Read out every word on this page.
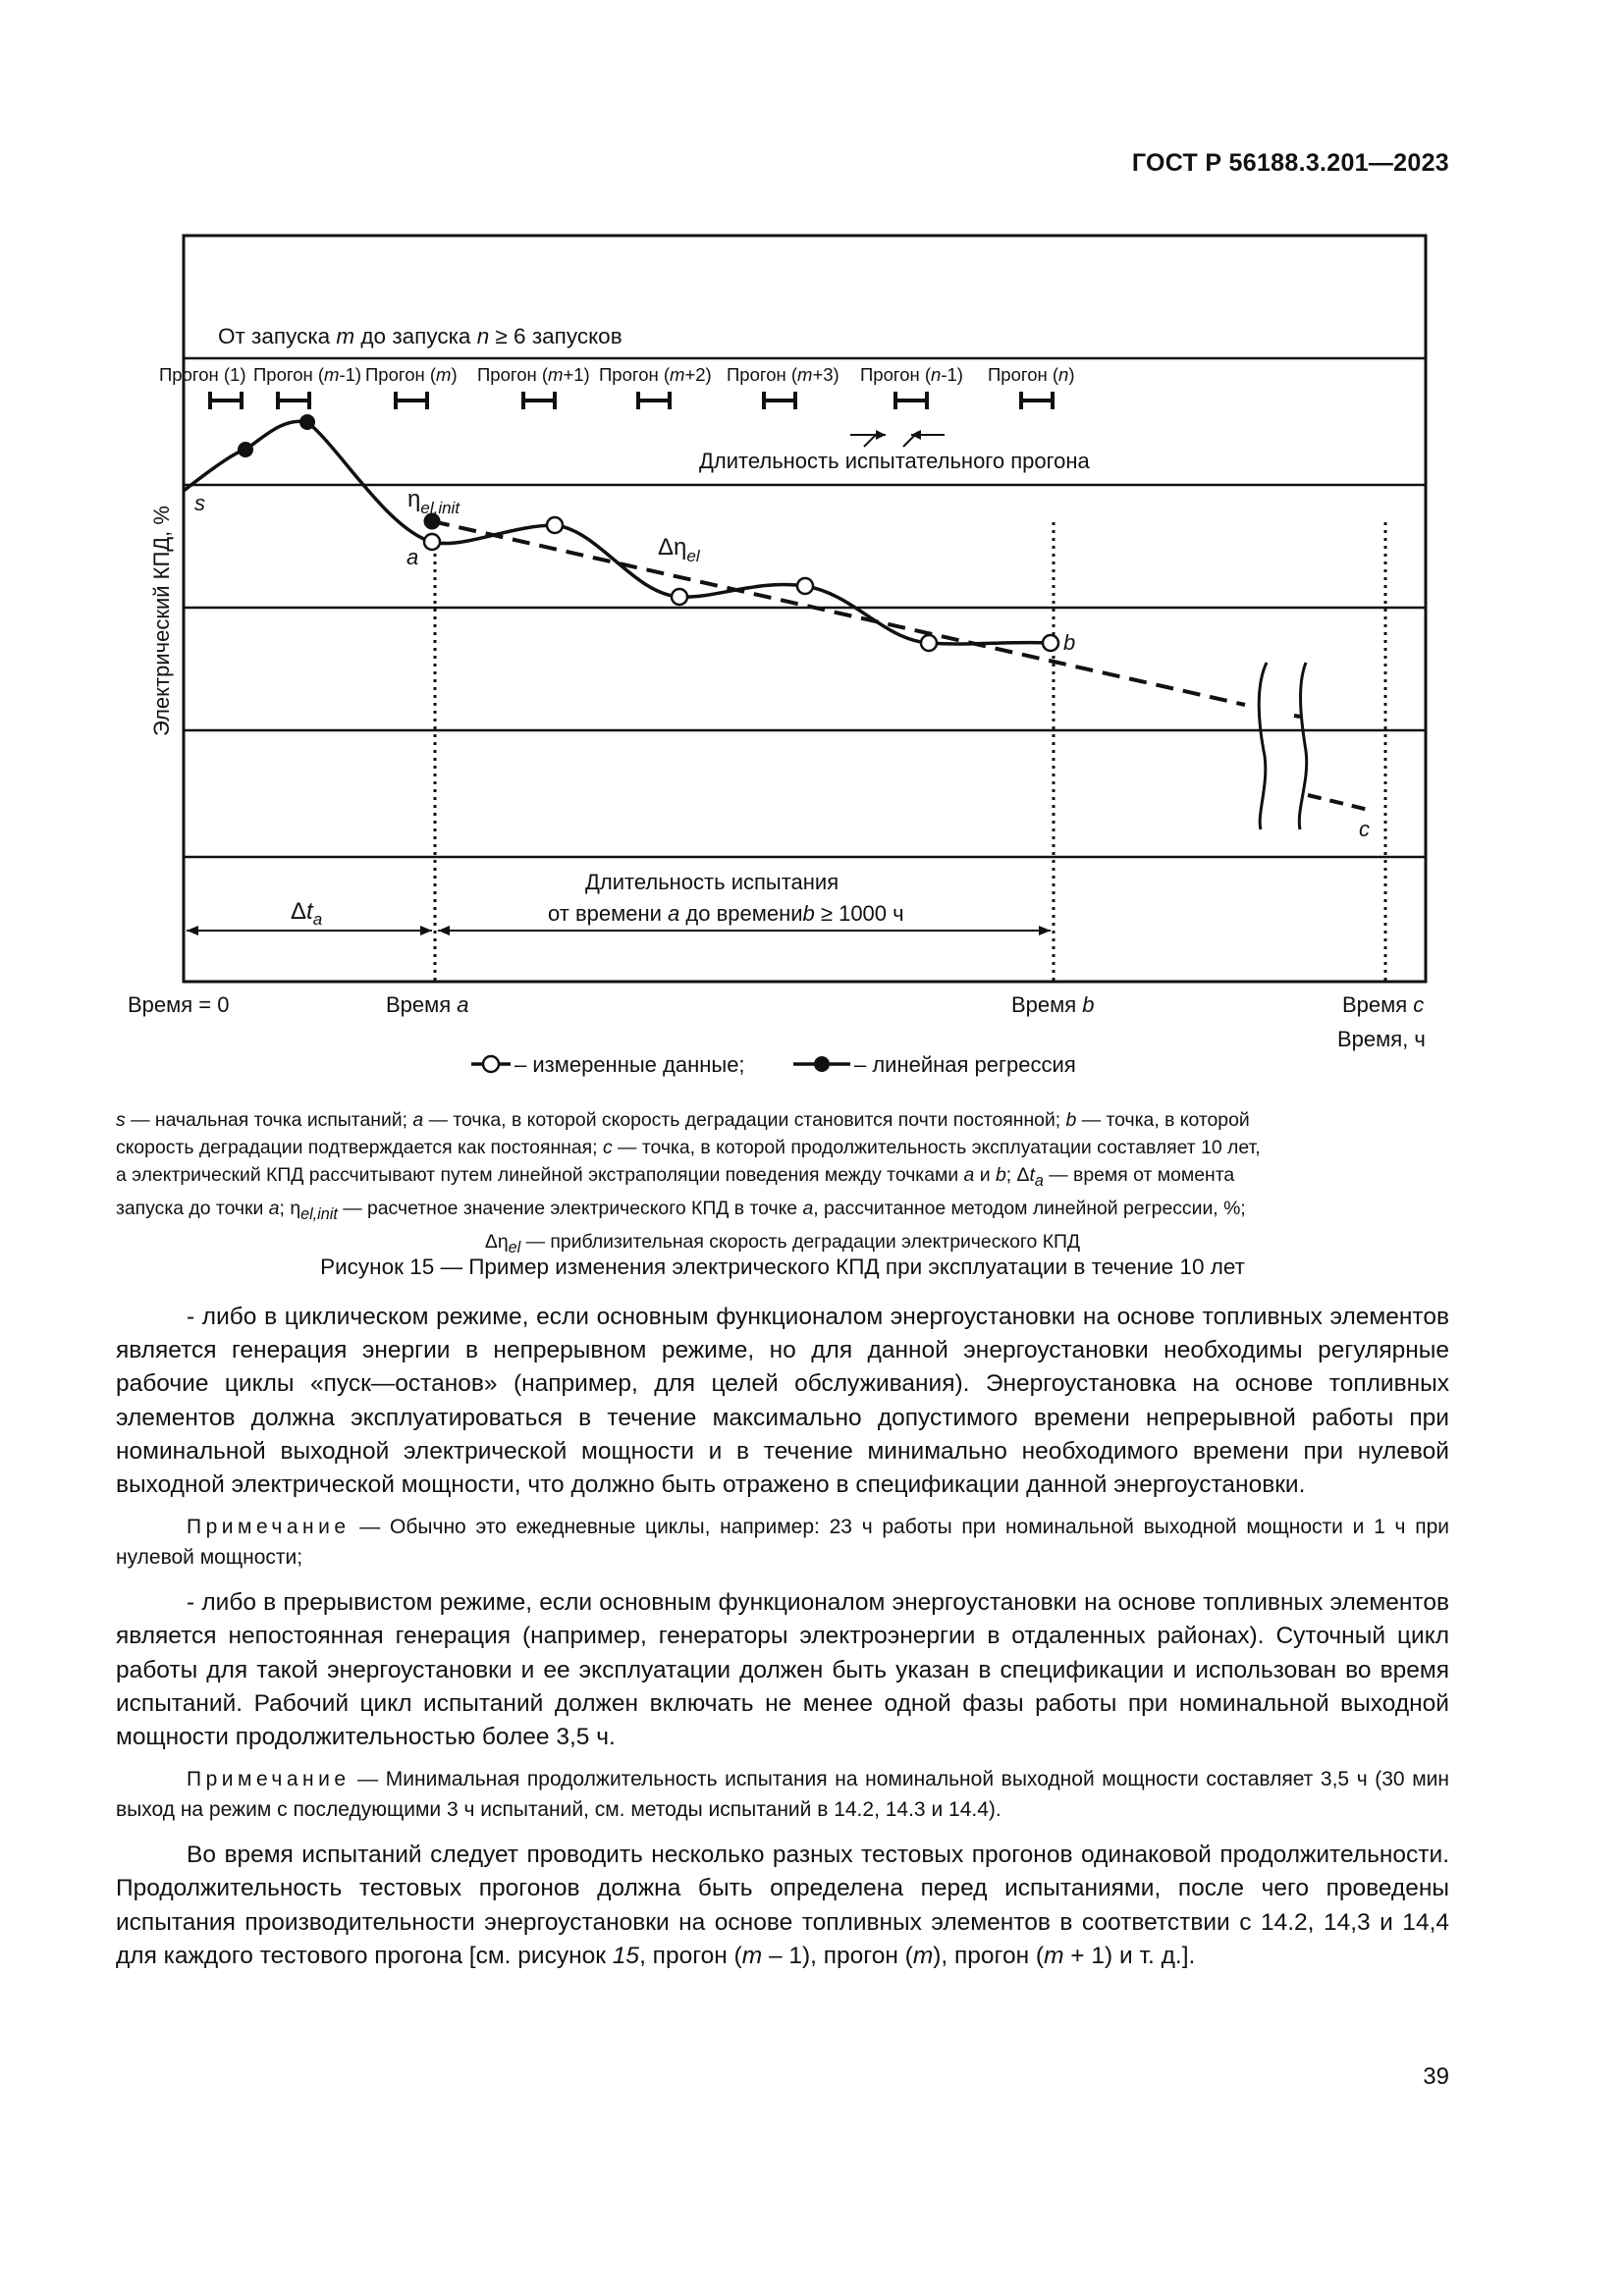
ГОСТ Р 56188.3.201—2023
От запуска m до запуска n ≥ 6 запусков
Прогон (1) Прогон (m-1) Прогон (m) Прогон (m+1) Прогон (m+2) Прогон (m+3) Прогон (n-1) Прогон (n)
Длительность испытательного прогона
Электрический КПД, %
s
a
b
c
$\eta_{el,init}$
$\Delta\eta_{el}$
Длительность испытания
от времени a до времениb ≥ 1000 ч
$\Delta t_a$
Время = 0	Время a	Время b	Время c
Время, ч
– измеренные данные;	– линейная регрессия
s — начальная точка испытаний; a — точка, в которой скорость деградации становится почти постоянной; b — точка, в которой
скорость деградации подтверждается как постоянная; c — точка, в которой продолжительность эксплуатации составляет 10 лет,
а электрический КПД рассчитывают путем линейной экстраполяции поведения между точками a и b; $\Delta t_a$ — время от момента
запуска до точки a; $\eta_{el,init}$ — расчетное значение электрического КПД в точке a, рассчитанное методом линейной регрессии, %;
$\Delta\eta_{el}$ — приблизительная скорость деградации электрического КПД
Рисунок 15 — Пример изменения электрического КПД при эксплуатации в течение 10 лет

- либо в циклическом режиме, если основным функционалом энергоустановки на основе топливных элементов является генерация энергии в непрерывном режиме, но для данной энергоустановки необходимы регулярные рабочие циклы «пуск—останов» (например, для целей обслуживания). Энергоустановка на основе топливных элементов должна эксплуатироваться в течение максимально допустимого времени непрерывной работы при номинальной выходной электрической мощности и в течение минимально необходимого времени при нулевой выходной электрической мощности, что должно быть отражено в спецификации данной энергоустановки.

Примечание — Обычно это ежедневные циклы, например: 23 ч работы при номинальной выходной мощности и 1 ч при нулевой мощности;

- либо в прерывистом режиме, если основным функционалом энергоустановки на основе топливных элементов является непостоянная генерация (например, генераторы электроэнергии в отдаленных районах). Суточный цикл работы для такой энергоустановки и ее эксплуатации должен быть указан в спецификации и использован во время испытаний. Рабочий цикл испытаний должен включать не менее одной фазы работы при номинальной выходной мощности продолжительностью более 3,5 ч.

Примечание — Минимальная продолжительность испытания на номинальной выходной мощности составляет 3,5 ч (30 мин выход на режим с последующими 3 ч испытаний, см. методы испытаний в 14.2, 14.3 и 14.4).

Во время испытаний следует проводить несколько разных тестовых прогонов одинаковой продолжительности. Продолжительность тестовых прогонов должна быть определена перед испытаниями, после чего проведены испытания производительности энергоустановки на основе топливных элементов в соответствии с 14.2, 14,3 и 14,4 для каждого тестового прогона [см. рисунок 15, прогон (m – 1), прогон (m), прогон (m + 1) и т. д.].

39
